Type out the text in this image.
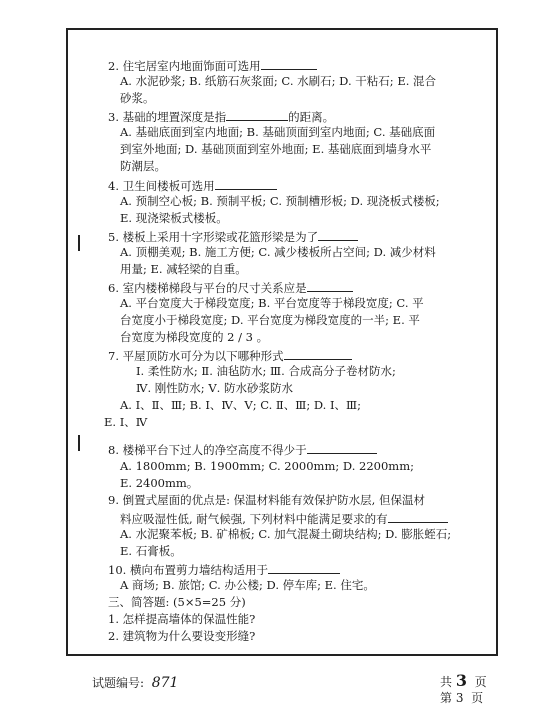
2. 住宅居室内地面饰面可选用
A. 水泥砂浆; B. 纸筋石灰浆面; C. 水刷石; D. 干粘石; E. 混合
砂浆。
3. 基础的埋置深度是指	的距离。
A. 基础底面到室内地面; B. 基础顶面到室内地面; C. 基础底面
到室外地面; D. 基础顶面到室外地面; E. 基础底面到墙身水平
防潮层。
4. 卫生间楼板可选用
A. 预制空心板; B. 预制平板; C. 预制槽形板; D. 现浇板式楼板;
E. 现浇梁板式楼板。
5. 楼板上采用十字形梁或花篮形梁是为了
A. 顶棚美观; B. 施工方便; C. 减少楼板所占空间; D. 减少材料
用量; E. 减轻梁的自重。
6. 室内楼梯梯段与平台的尺寸关系应是
A. 平台宽度大于梯段宽度; B. 平台宽度等于梯段宽度; C. 平
台宽度小于梯段宽度; D. 平台宽度为梯段宽度的一半; E. 平
台宽度为梯段宽度的 2 / 3 。
7. 平屋顶防水可分为以下哪种形式
Ⅰ. 柔性防水; Ⅱ. 油毡防水; Ⅲ. 合成高分子卷材防水;
Ⅳ. 刚性防水; Ⅴ. 防水砂浆防水
A. Ⅰ、Ⅱ、Ⅲ; B. Ⅰ、Ⅳ、Ⅴ; C. Ⅱ、Ⅲ; D. Ⅰ、Ⅲ;
E. Ⅰ、Ⅳ
8. 楼梯平台下过人的净空高度不得少于
A. 1800mm; B. 1900mm; C. 2000mm; D. 2200mm;
E. 2400mm。
9. 倒置式屋面的优点是: 保温材料能有效保护防水层, 但保温材
料应吸湿性低, 耐气候强, 下列材料中能满足要求的有
A. 水泥聚苯板; B. 矿棉板; C. 加气混凝土砌块结构; D. 膨胀蛭石;
E. 石膏板。
10. 横向布置剪力墙结构适用于
A 商场; B. 旅馆; C. 办公楼; D. 停车库; E. 住宅。
三、简答题: (5×5=25 分)
1. 怎样提高墙体的保温性能?
2. 建筑物为什么要设变形缝?
试题编号: 871	共 3 页
第 3 页
